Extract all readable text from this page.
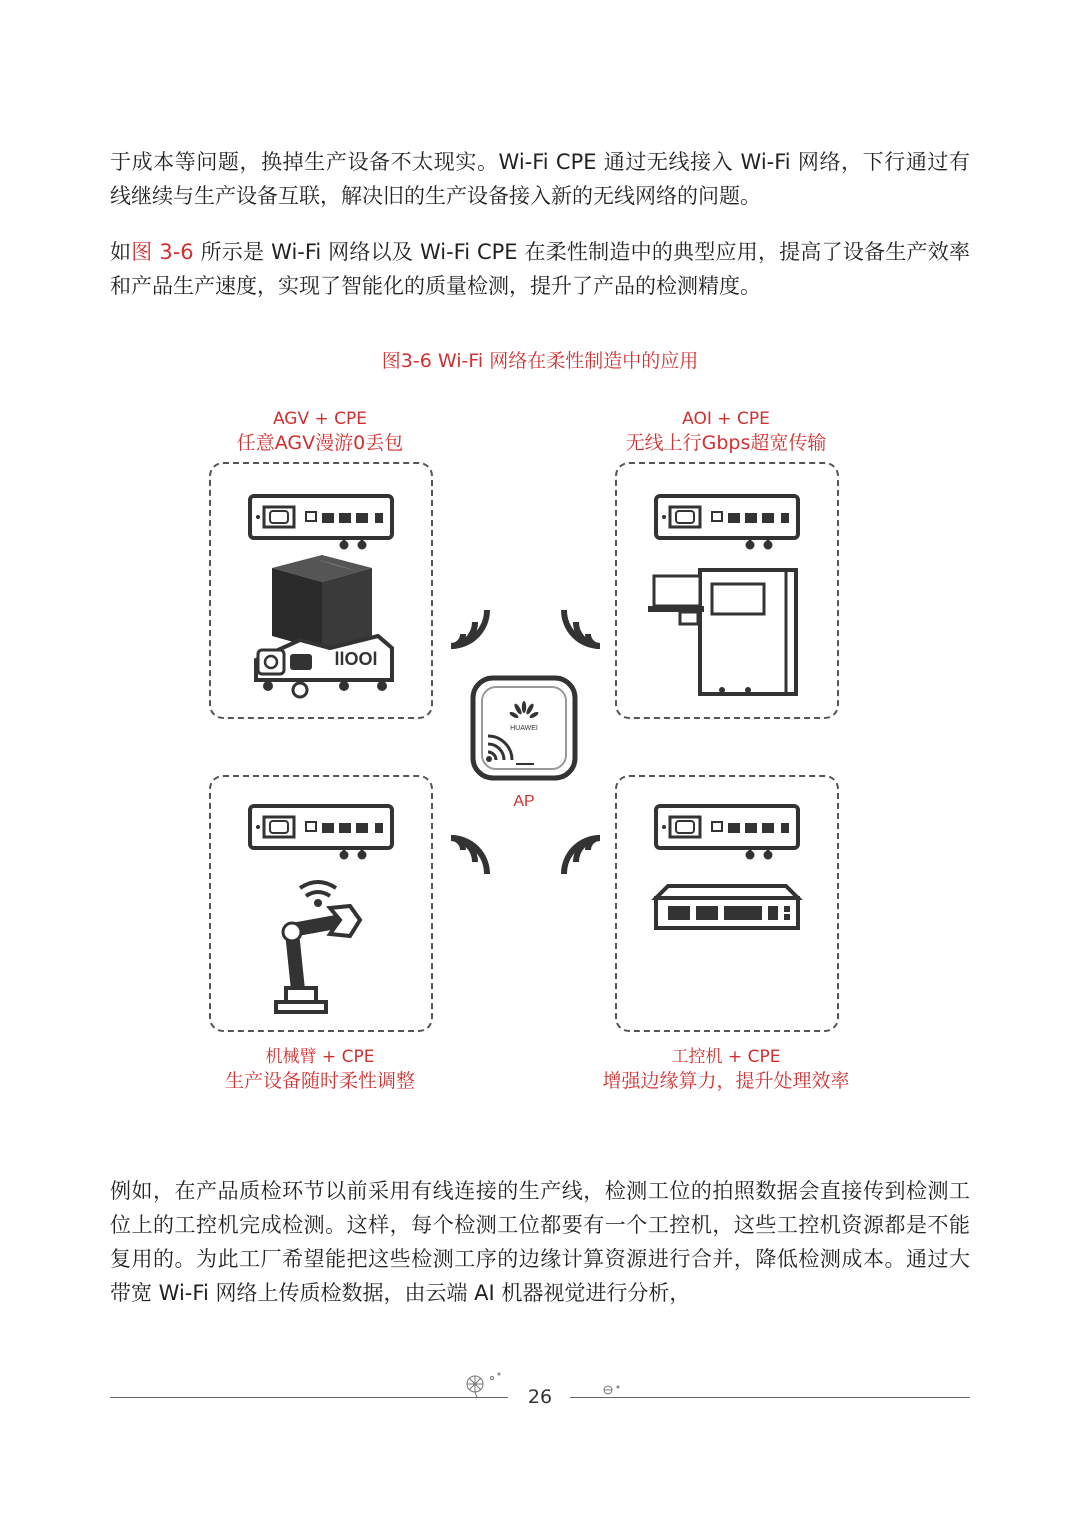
于成本等问题，换掉生产设备不太现实。Wi-Fi CPE 通过无线接入 Wi-Fi 网络，下行通过有线继续与生产设备互联，解决旧的生产设备接入新的无线网络的问题。

如图 3-6 所示是 Wi-Fi 网络以及 Wi-Fi CPE 在柔性制造中的典型应用，提高了设备生产效率和产品生产速度，实现了智能化的质量检测，提升了产品的检测精度。

图3-6 Wi-Fi 网络在柔性制造中的应用
AGV + CPE
任意AGV漫游0丢包
AOI + CPE
无线上行Gbps超宽传输
机械臂 + CPE
生产设备随时柔性调整
工控机 + CPE
增强边缘算力，提升处理效率
llOOl
HUAWEI
AP
26

例如，在产品质检环节以前采用有线连接的生产线，检测工位的拍照数据会直接传到检测工位上的工控机完成检测。这样，每个检测工位都要有一个工控机，这些工控机资源都是不能复用的。为此工厂希望能把这些检测工序的边缘计算资源进行合并，降低检测成本。通过大带宽 Wi-Fi 网络上传质检数据，由云端 AI 机器视觉进行分析，
